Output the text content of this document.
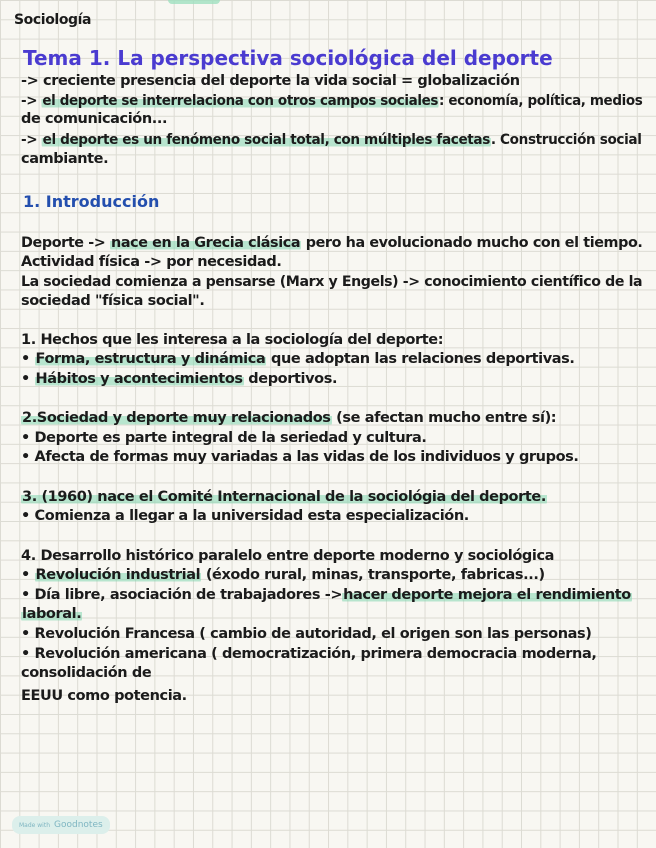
Sociología
Tema 1. La perspectiva sociológica del deporte
-> creciente presencia del deporte la vida social = globalización
-> el deporte se interrelaciona con otros campos sociales: economía, política, medios
de comunicación...
-> el deporte es un fenómeno social total, con múltiples facetas. Construcción social
cambiante.
1. Introducción
Deporte -> nace en la Grecia clásica pero ha evolucionado mucho con el tiempo.
Actividad física -> por necesidad.
La sociedad comienza a pensarse (Marx y Engels) -> conocimiento científico de la
sociedad "física social".
1. Hechos que les interesa a la sociología del deporte:
• Forma, estructura y dinámica que adoptan las relaciones deportivas.
• Hábitos y acontecimientos deportivos.
2.Sociedad y deporte muy relacionados (se afectan mucho entre sí):
• Deporte es parte integral de la seriedad y cultura.
• Afecta de formas muy variadas a las vidas de los individuos y grupos.
3. (1960) nace el Comité Internacional de la sociológia del deporte.
• Comienza a llegar a la universidad esta especialización.
4. Desarrollo histórico paralelo entre deporte moderno y sociológica
• Revolución industrial (éxodo rural, minas, transporte, fabricas...)
• Día libre, asociación de trabajadores ->hacer deporte mejora el rendimiento
laboral.
• Revolución Francesa ( cambio de autoridad, el origen son las personas)
• Revolución americana ( democratización, primera democracia moderna,
consolidación de
EEUU como potencia.
Made with Goodnotes
